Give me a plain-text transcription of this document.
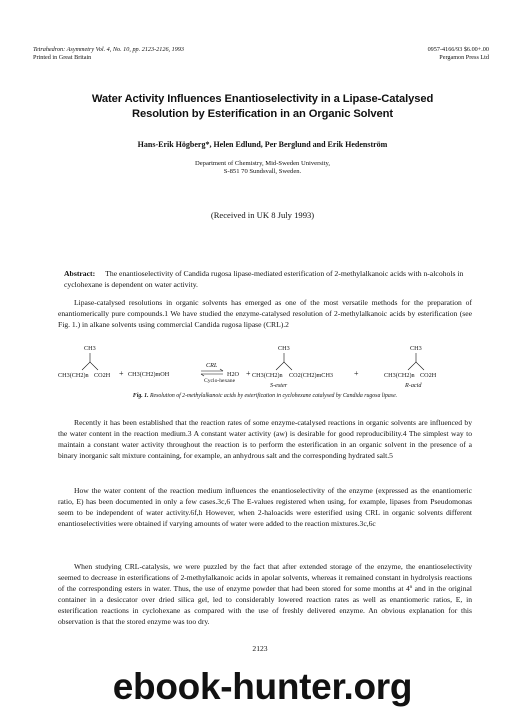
Tetrahedron: Asymmetry Vol. 4, No. 10, pp. 2123-2126, 1993
Printed in Great Britain
0957-4166/93 $6.00+.00
Pergamon Press Ltd
Water Activity Influences Enantioselectivity in a Lipase-Catalysed
Resolution by Esterification in an Organic Solvent
Hans-Erik Högberg*, Helen Edlund, Per Berglund and Erik Hedenström
Department of Chemistry, Mid-Sweden University,
S-851 70 Sundsvall, Sweden.
(Received in UK 8 July 1993)
Abstract: The enantioselectivity of Candida rugosa lipase-mediated esterification of 2-methylalkanoic acids with n-alcohols in cyclohexane is dependent on water activity.
Lipase-catalysed resolutions in organic solvents has emerged as one of the most versatile methods for the preparation of enantiomerically pure compounds.1 We have studied the enzyme-catalysed resolution of 2-methylalkanoic acids by esterification (see Fig. 1.) in alkane solvents using commercial Candida rugosa lipase (CRL).2
CH3
CH3(CH2)n CO2H + CH3(CH2)mOH
CRL
Cyclo-hexane
H2O +
CH3
CH3(CH2)n CO2(CH2)mCH3
S-ester
+
CH3
CH3(CH2)n CO2H
R-acid
Fig. 1. Resolution of 2-methylalkanoic acids by esterification in cyclohexane catalysed by Candida rugosa lipase.
Recently it has been established that the reaction rates of some enzyme-catalysed reactions in organic solvents are influenced by the water content in the reaction medium.3 A constant water activity (aw) is desirable for good reproducibility.4 The simplest way to maintain a constant water activity throughout the reaction is to perform the esterification in an organic solvent in the presence of a binary inorganic salt mixture containing, for example, an anhydrous salt and the corresponding hydrated salt.5
How the water content of the reaction medium influences the enantioselectivity of the enzyme (expressed as the enantiomeric ratio, E) has been documented in only a few cases.3c,6 The E-values registered when using, for example, lipases from Pseudomonas seem to be independent of water activity.6f,h However, when 2-haloacids were esterified using CRL in organic solvents different enantioselectivities were obtained if varying amounts of water were added to the reaction mixtures.3c,6c
When studying CRL-catalysis, we were puzzled by the fact that after extended storage of the enzyme, the enantioselectivity seemed to decrease in esterifications of 2-methylalkanoic acids in apolar solvents, whereas it remained constant in hydrolysis reactions of the corresponding esters in water. Thus, the use of enzyme powder that had been stored for some months at 4º and in the original container in a desiccator over dried silica gel, led to considerably lowered reaction rates as well as enantiomeric ratios, E, in esterification reactions in cyclohexane as compared with the use of freshly delivered enzyme. An obvious explanation for this observation is that the stored enzyme was too dry.
2123
ebook-hunter.org
